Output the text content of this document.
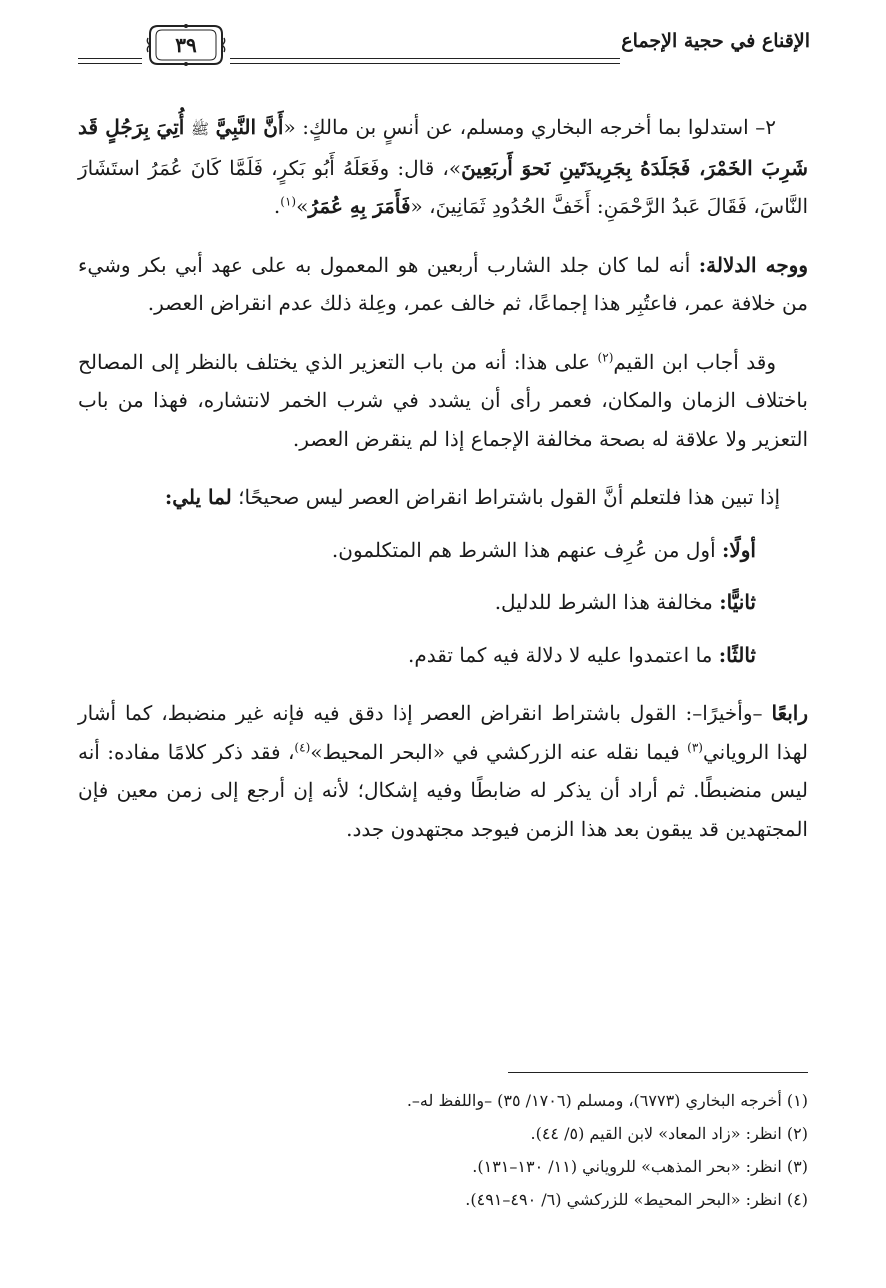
الإقناع في حجية الإجماع
٣٩

٢– استدلوا بما أخرجه البخاري ومسلم، عن أنسٍ بن مالكٍ: «أَنَّ النَّبِيَّ ﷺ أُتِيَ بِرَجُلٍ قَد شَرِبَ الخَمْرَ، فَجَلَدَهُ بِجَرِيدَتَينِ نَحوَ أَربَعِينَ»، قال: وفَعَلَهُ أَبُو بَكرٍ، فَلَمَّا كَانَ عُمَرُ استَشَارَ النَّاسَ، فَقَالَ عَبدُ الرَّحْمَنِ: أَخَفَّ الحُدُودِ ثَمَانِينَ، «فَأَمَرَ بِهِ عُمَرُ»$^{(١)}$.

ووجه الدلالة: أنه لما كان جلد الشارب أربعين هو المعمول به على عهد أبي بكر وشيء من خلافة عمر، فاعتُبِر هذا إجماعًا، ثم خالف عمر، وعِلة ذلك عدم انقراض العصر.

وقد أجاب ابن القيم$^{(٢)}$ على هذا: أنه من باب التعزير الذي يختلف بالنظر إلى المصالح باختلاف الزمان والمكان، فعمر رأى أن يشدد في شرب الخمر لانتشاره، فهذا من باب التعزير ولا علاقة له بصحة مخالفة الإجماع إذا لم ينقرض العصر.

إذا تبين هذا فلتعلم أنَّ القول باشتراط انقراض العصر ليس صحيحًا؛ لما يلي:

أولًا: أول من عُرِف عنهم هذا الشرط هم المتكلمون.

ثانيًّا: مخالفة هذا الشرط للدليل.

ثالثًا: ما اعتمدوا عليه لا دلالة فيه كما تقدم.

رابعًا –وأخيرًا–: القول باشتراط انقراض العصر إذا دقق فيه فإنه غير منضبط، كما أشار لهذا الروياني$^{(٣)}$ فيما نقله عنه الزركشي في «البحر المحيط»$^{(٤)}$، فقد ذكر كلامًا مفاده: أنه ليس منضبطًا. ثم أراد أن يذكر له ضابطًا وفيه إشكال؛ لأنه إن أرجع إلى زمن معين فإن المجتهدين قد يبقون بعد هذا الزمن فيوجد مجتهدون جدد.

(١) أخرجه البخاري (٦٧٧٣)، ومسلم (١٧٠٦/ ٣٥) –واللفظ له–.

(٢) انظر: «زاد المعاد» لابن القيم (٥/ ٤٤).

(٣) انظر: «بحر المذهب» للروياني (١١/ ١٣٠–١٣١).

(٤) انظر: «البحر المحيط» للزركشي (٦/ ٤٩٠–٤٩١).
